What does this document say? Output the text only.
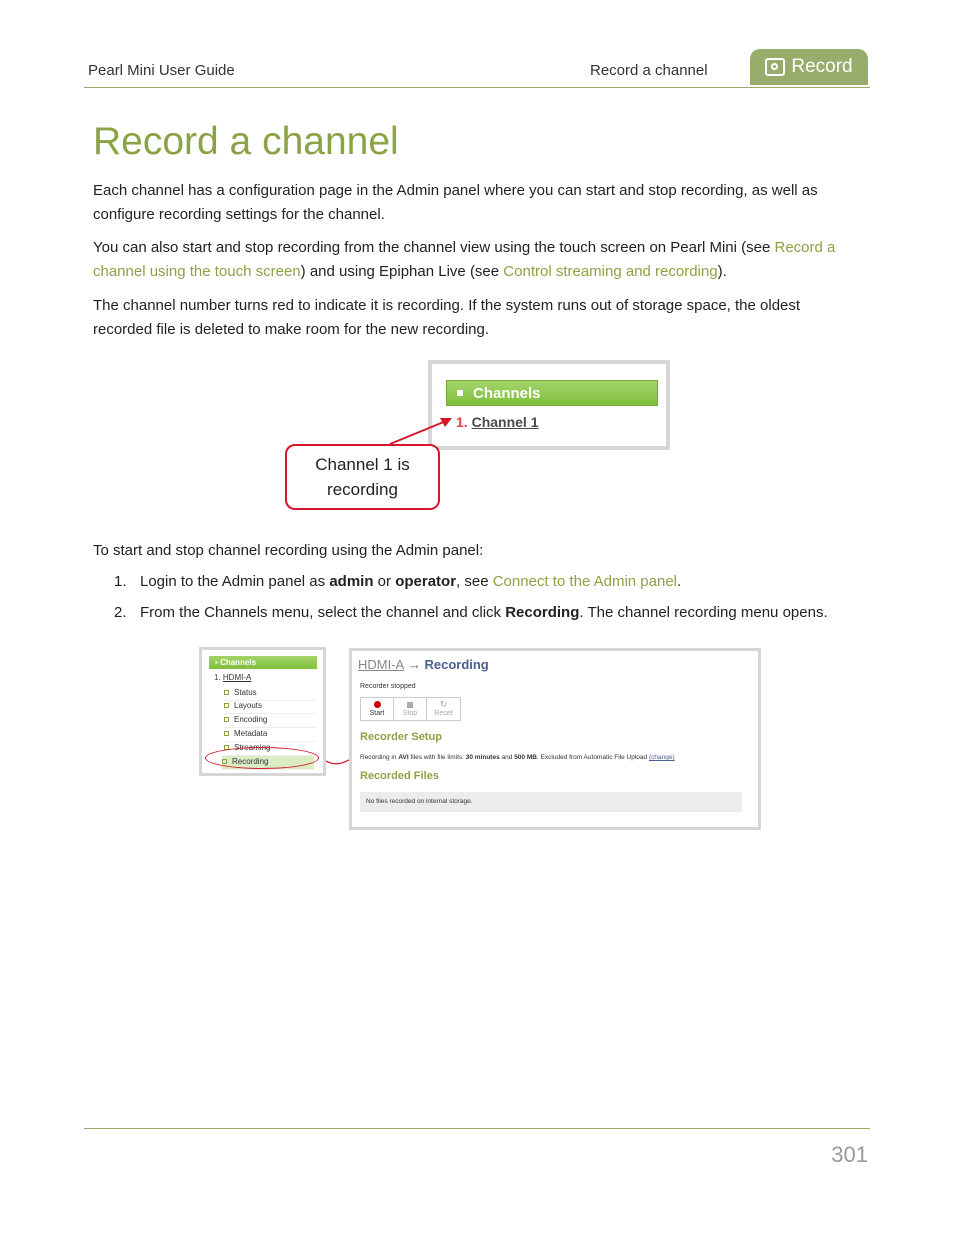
Pearl Mini User Guide	Record a channel	Record
Record a channel

Each channel has a configuration page in the Admin panel where you can start and stop recording, as well as configure recording settings for the channel.

You can also start and stop recording from the channel view using the touch screen on Pearl Mini (see Record a channel using the touch screen) and using Epiphan Live (see Control streaming and recording).

The channel number turns red to indicate it is recording. If the system runs out of storage space, the oldest recorded file is deleted to make room for the new recording.

Channels
1. Channel 1
Channel 1 is
recording

To start and stop channel recording using the Admin panel:

1. Login to the Admin panel as admin or operator, see Connect to the Admin panel.
2. From the Channels menu, select the channel and click Recording. The channel recording menu opens.
▪ Channels
1. HDMI-A
Status
Layouts
Encoding
Metadata
Streaming
Recording
HDMI-A → Recording
Recorder stopped
Start	Stop
↻
Reset
Recorder Setup
Recording in AVI files with file limits: 30 minutes and 500 MB. Excluded from Automatic File Upload (change)
Recorded Files
No files recorded on internal storage.
301
